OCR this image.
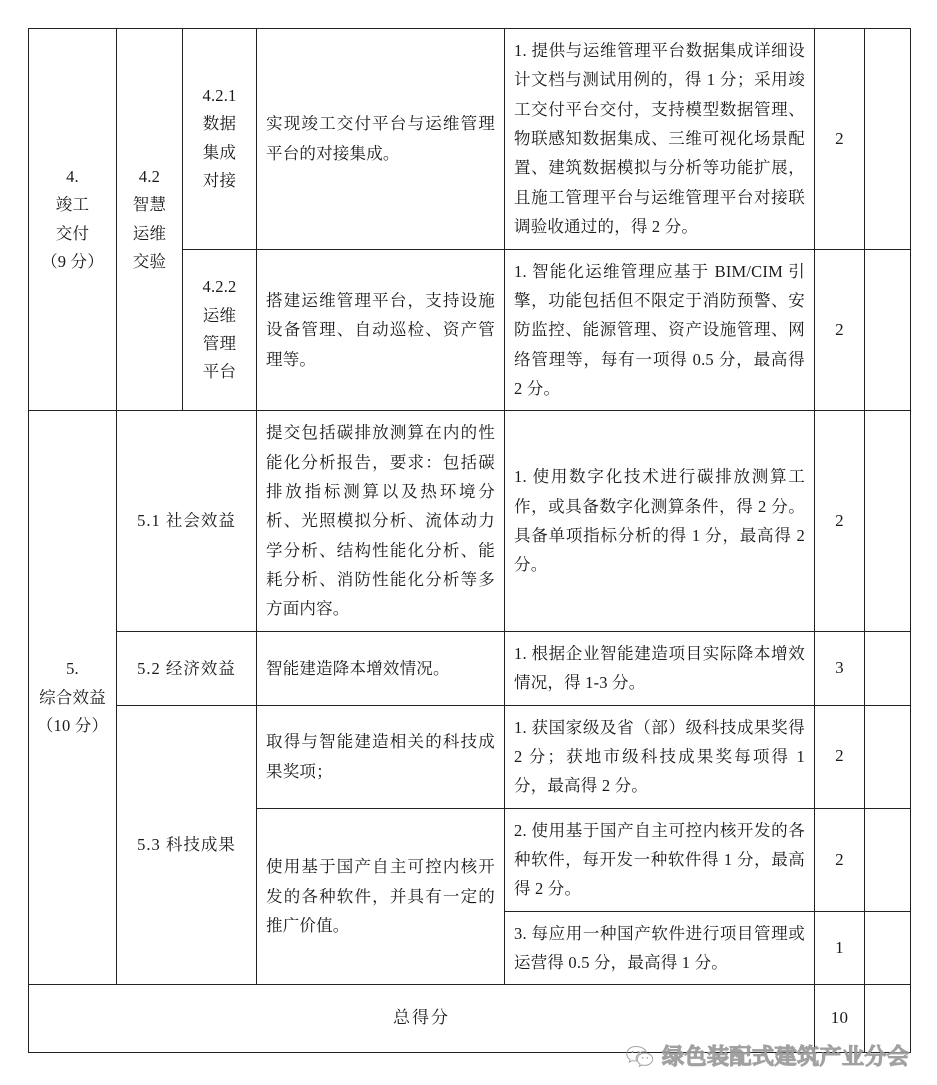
4.
竣工
交付
（9 分）	4.2
智慧
运维
交验	4.2.1
数据
集成
对接	实现竣工交付平台与运维管理平台的对接集成。	1. 提供与运维管理平台数据集成详细设计文档与测试用例的，得 1 分；采用竣工交付平台交付，支持模型数据管理、物联感知数据集成、三维可视化场景配置、建筑数据模拟与分析等功能扩展，且施工管理平台与运维管理平台对接联调验收通过的，得 2 分。	2	

		4.2.2
运维
管理
平台	搭建运维管理平台，支持设施设备管理、自动巡检、资产管理等。	1. 智能化运维管理应基于 BIM/CIM 引擎，功能包括但不限定于消防预警、安防监控、能源管理、资产设施管理、网络管理等，每有一项得 0.5 分，最高得 2 分。	2	

5.
综合效益（10 分）	5.1 社会效益		提交包括碳排放测算在内的性能化分析报告，要求：包括碳排放指标测算以及热环境分析、光照模拟分析、流体动力学分析、结构性能化分析、能耗分析、消防性能化分析等多方面内容。	1. 使用数字化技术进行碳排放测算工作，或具备数字化测算条件，得 2 分。具备单项指标分析的得 1 分，最高得 2 分。	2	

	5.2 经济效益		智能建造降本增效情况。	1. 根据企业智能建造项目实际降本增效情况，得 1-3 分。	3	

	5.3 科技成果		取得与智能建造相关的科技成果奖项；	1. 获国家级及省（部）级科技成果奖得 2 分；获地市级科技成果奖每项得 1 分，最高得 2 分。	2	

			使用基于国产自主可控内核开发的各种软件，并具有一定的推广价值。	2. 使用基于国产自主可控内核开发的各种软件，每开发一种软件得 1 分，最高得 2 分。	2	

				3. 每应用一种国产软件进行项目管理或运营得 0.5 分，最高得 1 分。	1	

总得分					10	

绿色装配式建筑产业分会
